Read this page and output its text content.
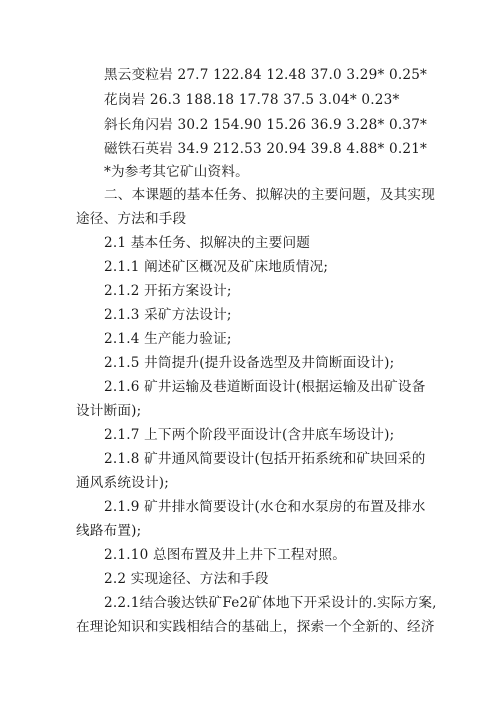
黑云变粒岩 27.7 122.84 12.48 37.0 3.29* 0.25*
花岗岩 26.3 188.18 17.78 37.5 3.04* 0.23*
斜长角闪岩 30.2 154.90 15.26 36.9 3.28* 0.37*
磁铁石英岩 34.9 212.53 20.94 39.8 4.88* 0.21*
*为参考其它矿山资料。
二、本课题的基本任务、拟解决的主要问题，及其实现
途径、方法和手段
2.1 基本任务、拟解决的主要问题
2.1.1 阐述矿区概况及矿床地质情况;
2.1.2 开拓方案设计;
2.1.3 采矿方法设计;
2.1.4 生产能力验证;
2.1.5 井筒提升(提升设备选型及井筒断面设计);
2.1.6 矿井运输及巷道断面设计(根据运输及出矿设备
设计断面);
2.1.7 上下两个阶段平面设计(含井底车场设计);
2.1.8 矿井通风简要设计(包括开拓系统和矿块回采的
通风系统设计);
2.1.9 矿井排水简要设计(水仓和水泵房的布置及排水
线路布置);
2.1.10 总图布置及井上井下工程对照。
2.2 实现途径、方法和手段
2.2.1结合骏达铁矿Fe2矿体地下开采设计的.实际方案,
在理论知识和实践相结合的基础上，探索一个全新的、经济
